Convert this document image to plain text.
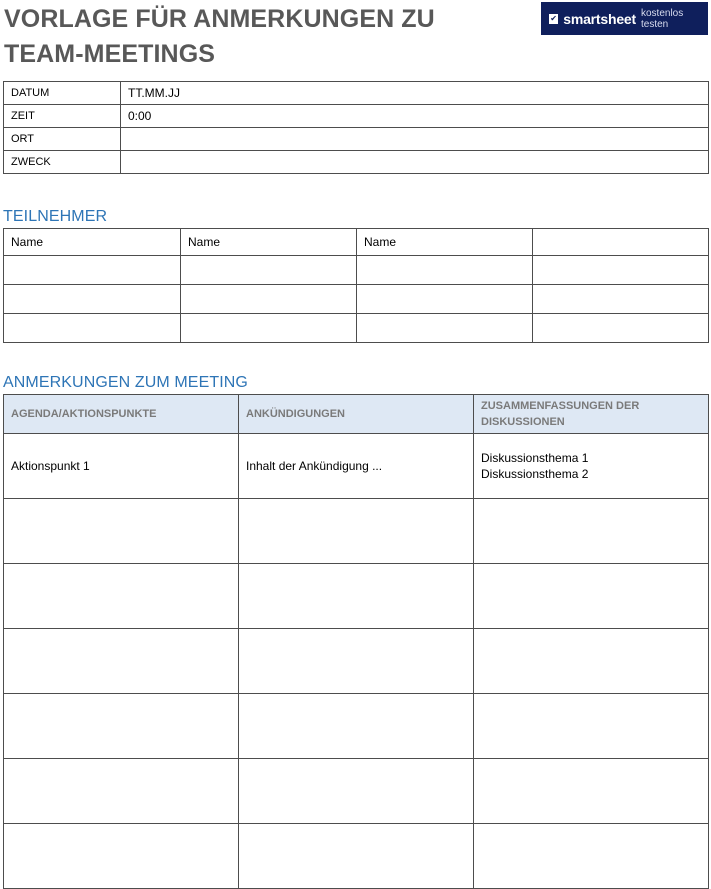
VORLAGE FÜR ANMERKUNGEN ZU
TEAM-MEETINGS
✔ smartsheet kostenlos testen
DATUM	TT.MM.JJ
ZEIT	0:00
ORT	
ZWECK	
TEILNEHMER
Name	Name	Name	

ANMERKUNGEN ZUM MEETING
AGENDA/AKTIONSPUNKTE	ANKÜNDIGUNGEN	ZUSAMMENFASSUNGEN DER DISKUSSIONEN
Aktionspunkt 1	Inhalt der Ankündigung ...	Diskussionsthema 1
Diskussionsthema 2
